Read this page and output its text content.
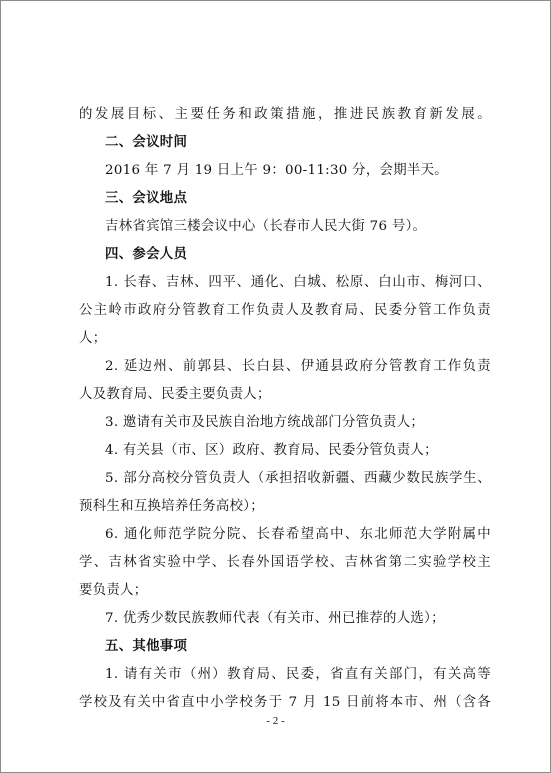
的发展目标、主要任务和政策措施，推进民族教育新发展。
二、会议时间
2016 年 7 月 19 日上午 9：00-11:30 分，会期半天。
三、会议地点
吉林省宾馆三楼会议中心（长春市人民大街 76 号）。
四、参会人员
1. 长春、吉林、四平、通化、白城、松原、白山市、梅河口、
公主岭市政府分管教育工作负责人及教育局、民委分管工作负责
人；
2. 延边州、前郭县、长白县、伊通县政府分管教育工作负责
人及教育局、民委主要负责人；
3. 邀请有关市及民族自治地方统战部门分管负责人；
4. 有关县（市、区）政府、教育局、民委分管负责人；
5. 部分高校分管负责人（承担招收新疆、西藏少数民族学生、
预科生和互换培养任务高校）；
6. 通化师范学院分院、长春希望高中、东北师范大学附属中
学、吉林省实验中学、长春外国语学校、吉林省第二实验学校主
要负责人；
7. 优秀少数民族教师代表（有关市、州已推荐的人选）；
五、其他事项
1. 请有关市（州）教育局、民委，省直有关部门，有关高等
学校及有关中省直中小学校务于 7 月 15 日前将本市、州（含各
- 2 -
